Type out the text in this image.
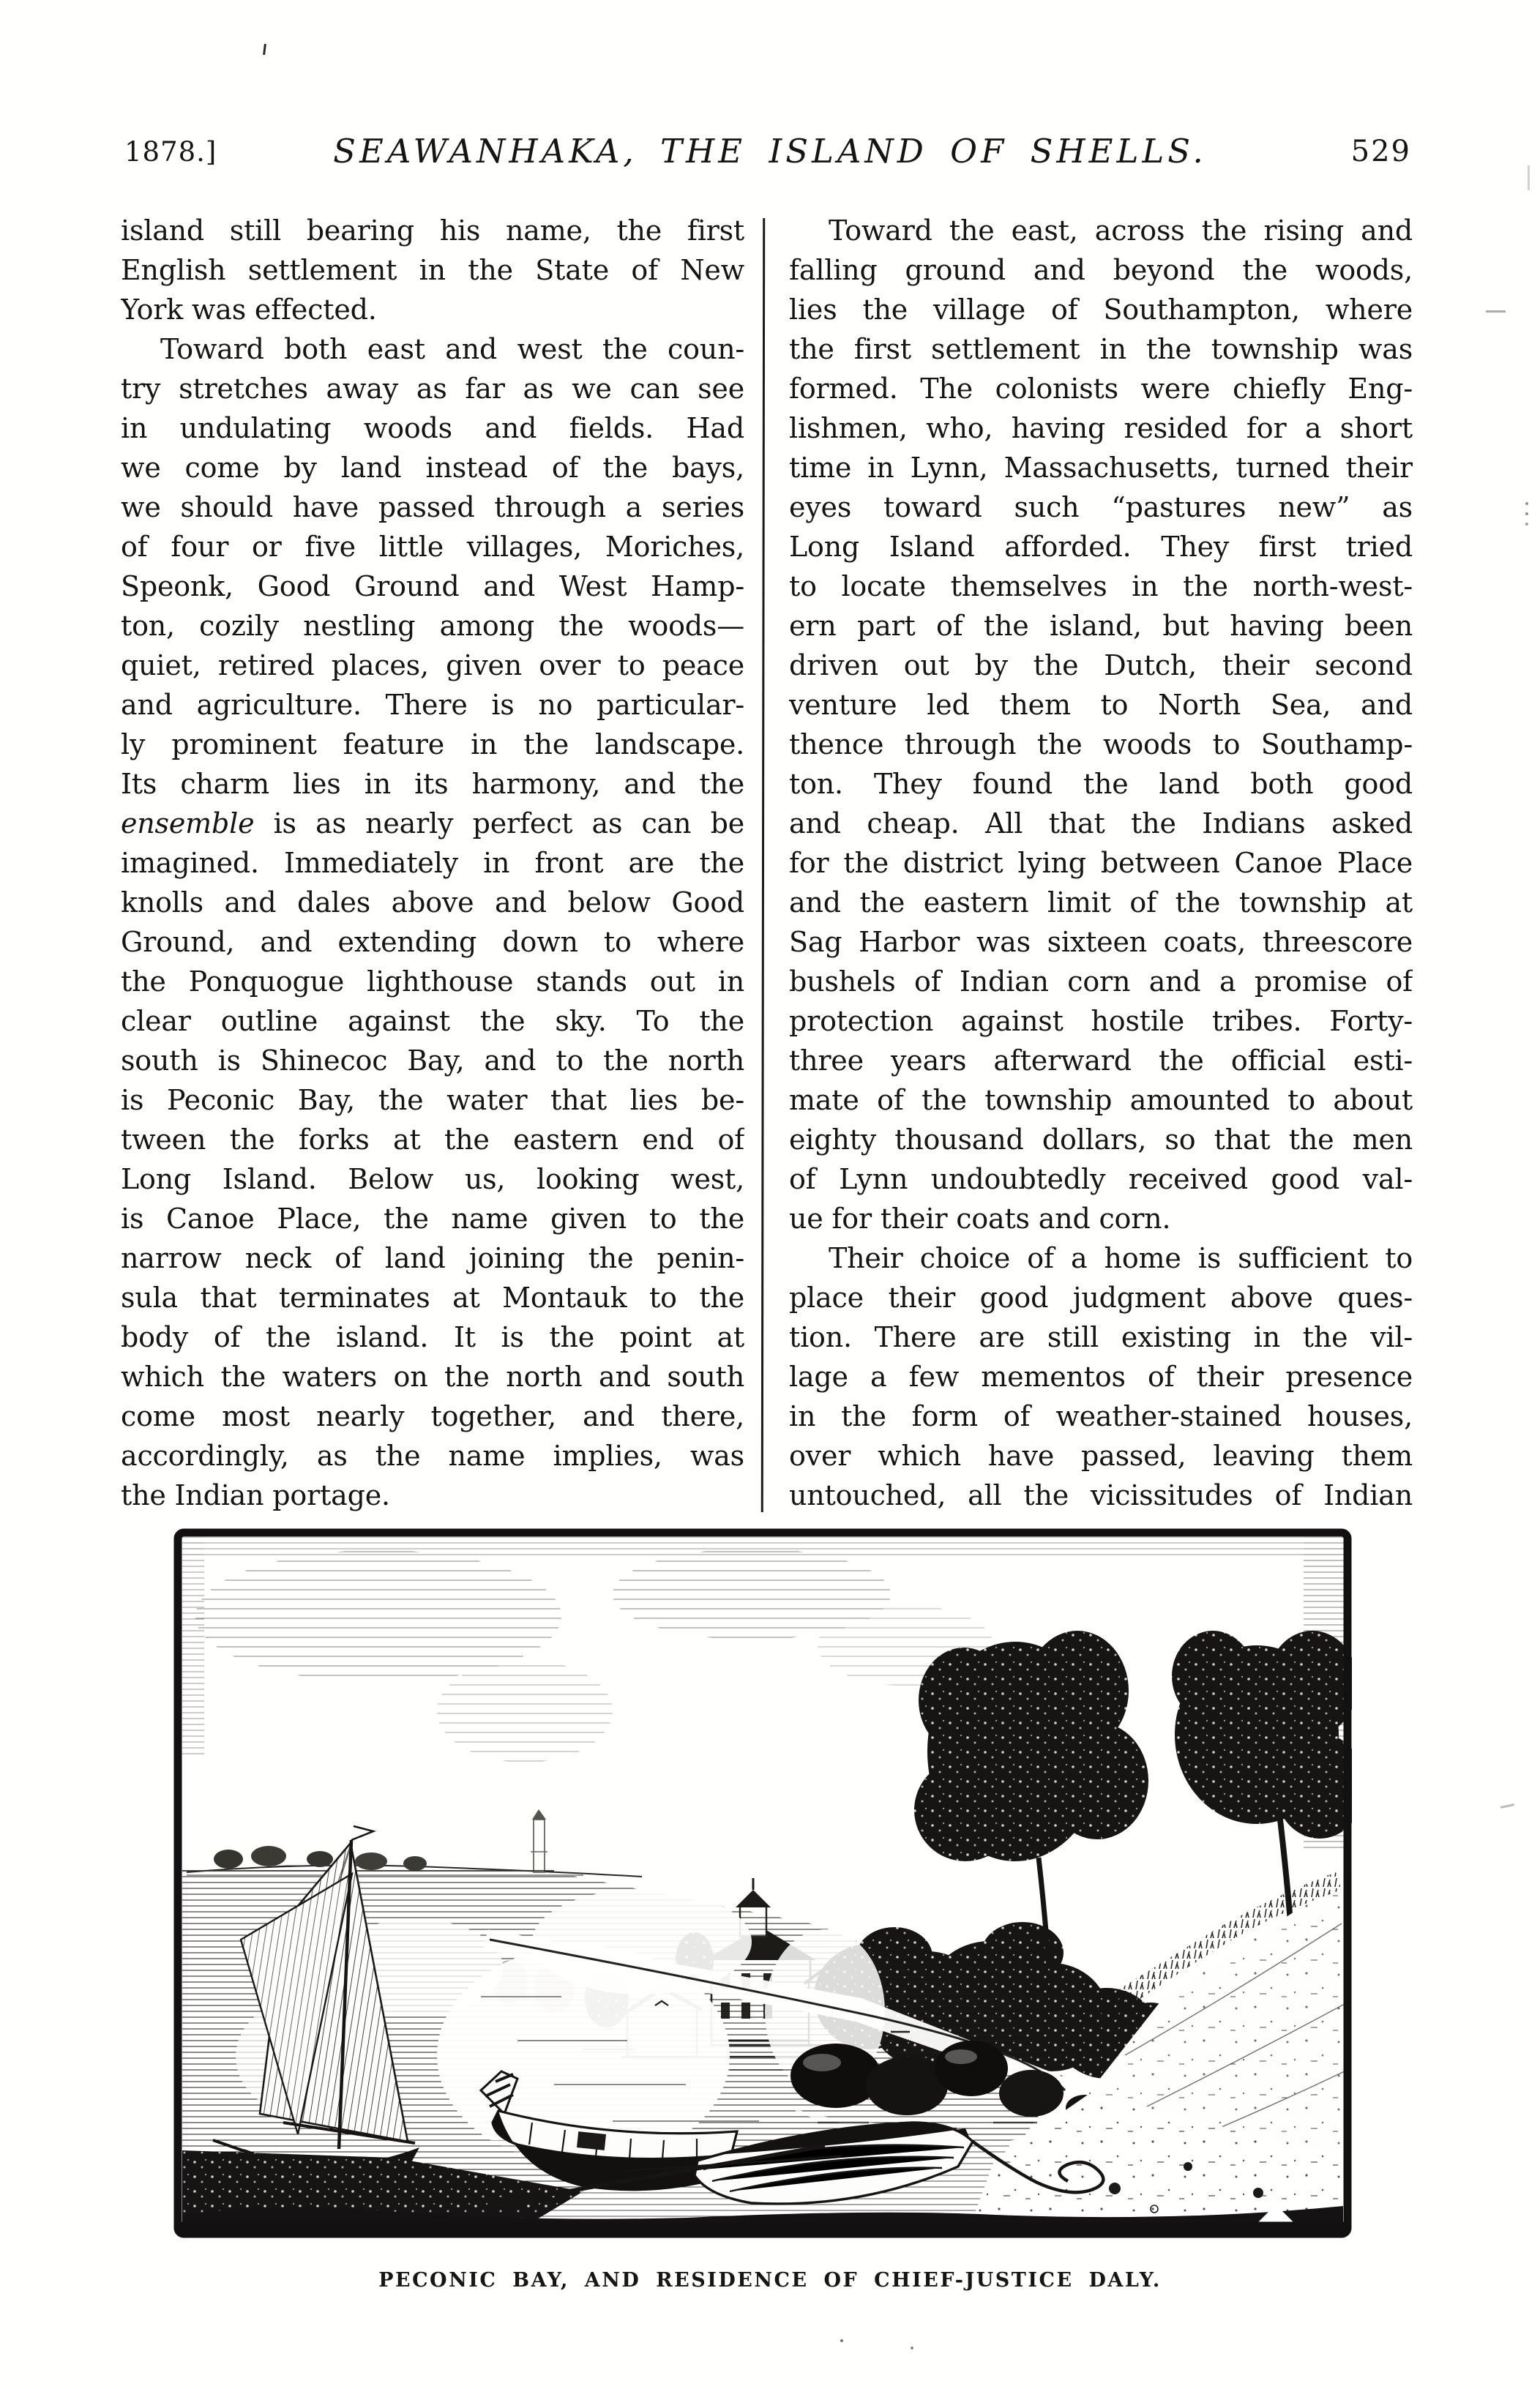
1878.]	SEAWANHAKA, THE ISLAND OF SHELLS.	529
island still bearing his name, the first
English settlement in the State of New
York was effected.
Toward both east and west the coun-
try stretches away as far as we can see
in undulating woods and fields. Had
we come by land instead of the bays,
we should have passed through a series
of four or five little villages, Moriches,
Speonk, Good Ground and West Hamp-
ton, cozily nestling among the woods—
quiet, retired places, given over to peace
and agriculture. There is no particular-
ly prominent feature in the landscape.
Its charm lies in its harmony, and the
ensemble is as nearly perfect as can be
imagined. Immediately in front are the
knolls and dales above and below Good
Ground, and extending down to where
the Ponquogue lighthouse stands out in
clear outline against the sky. To the
south is Shinecoc Bay, and to the north
is Peconic Bay, the water that lies be-
tween the forks at the eastern end of
Long Island. Below us, looking west,
is Canoe Place, the name given to the
narrow neck of land joining the penin-
sula that terminates at Montauk to the
body of the island. It is the point at
which the waters on the north and south
come most nearly together, and there,
accordingly, as the name implies, was
the Indian portage.
Toward the east, across the rising and
falling ground and beyond the woods,
lies the village of Southampton, where
the first settlement in the township was
formed. The colonists were chiefly Eng-
lishmen, who, having resided for a short
time in Lynn, Massachusetts, turned their
eyes toward such “pastures new” as
Long Island afforded. They first tried
to locate themselves in the north-west-
ern part of the island, but having been
driven out by the Dutch, their second
venture led them to North Sea, and
thence through the woods to Southamp-
ton. They found the land both good
and cheap. All that the Indians asked
for the district lying between Canoe Place
and the eastern limit of the township at
Sag Harbor was sixteen coats, threescore
bushels of Indian corn and a promise of
protection against hostile tribes. Forty-
three years afterward the official esti-
mate of the township amounted to about
eighty thousand dollars, so that the men
of Lynn undoubtedly received good val-
ue for their coats and corn.
Their choice of a home is sufficient to
place their good judgment above ques-
tion. There are still existing in the vil-
lage a few mementos of their presence
in the form of weather-stained houses,
over which have passed, leaving them
untouched, all the vicissitudes of Indian
PECONIC BAY, AND RESIDENCE OF CHIEF-JUSTICE DALY.
